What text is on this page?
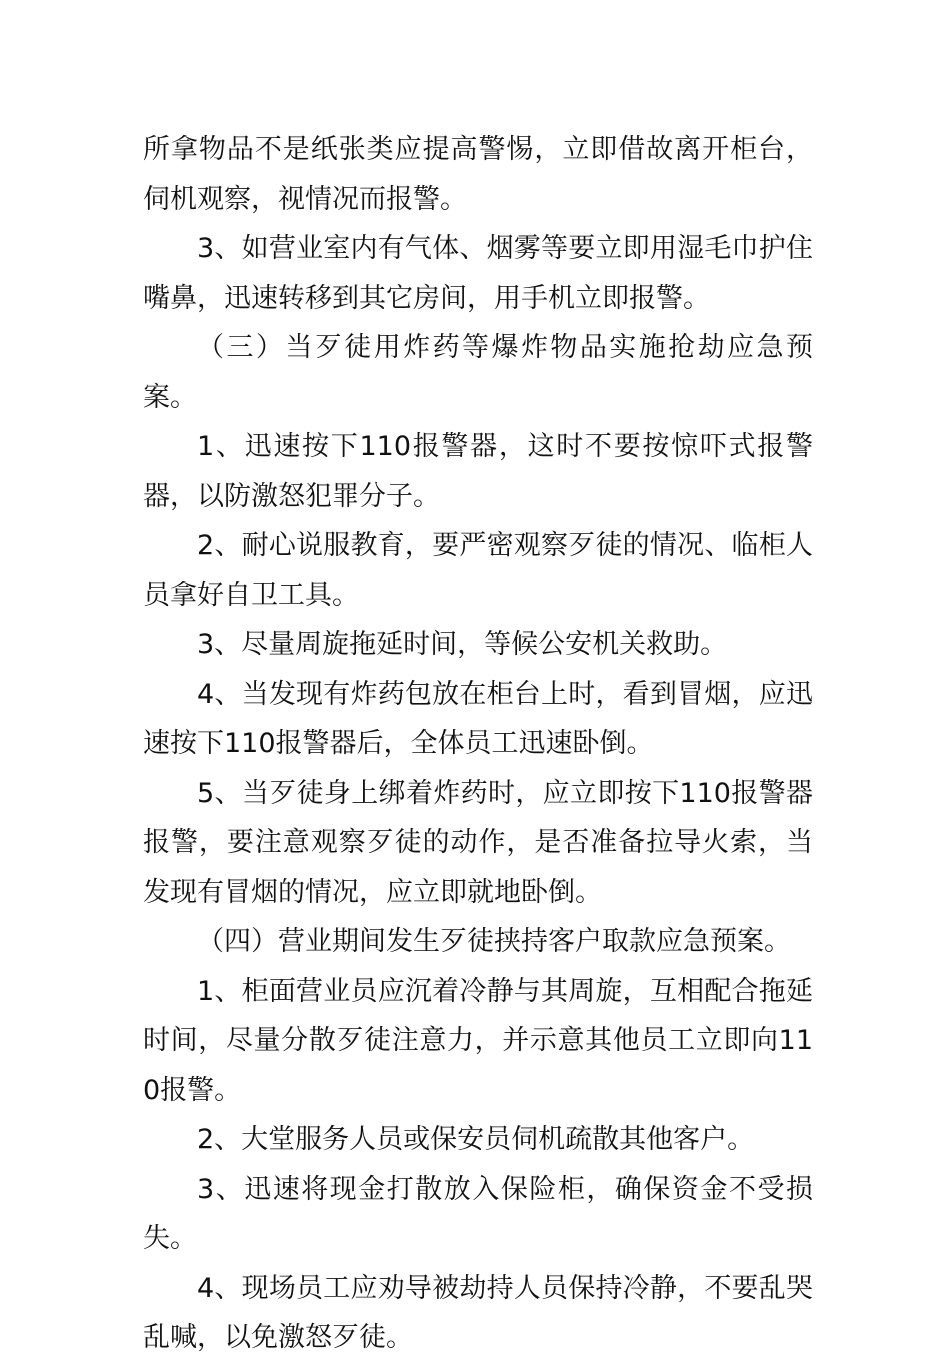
所拿物品不是纸张类应提高警惕，立即借故离开柜台，伺机观察，视情况而报警。

3、如营业室内有气体、烟雾等要立即用湿毛巾护住嘴鼻，迅速转移到其它房间，用手机立即报警。

（三）当歹徒用炸药等爆炸物品实施抢劫应急预案。

1、迅速按下110报警器，这时不要按惊吓式报警器，以防激怒犯罪分子。

2、耐心说服教育，要严密观察歹徒的情况、临柜人员拿好自卫工具。

3、尽量周旋拖延时间，等候公安机关救助。

4、当发现有炸药包放在柜台上时，看到冒烟，应迅速按下110报警器后，全体员工迅速卧倒。

5、当歹徒身上绑着炸药时，应立即按下110报警器报警，要注意观察歹徒的动作，是否准备拉导火索，当发现有冒烟的情况，应立即就地卧倒。

（四）营业期间发生歹徒挟持客户取款应急预案。

1、柜面营业员应沉着冷静与其周旋，互相配合拖延时间，尽量分散歹徒注意力，并示意其他员工立即向110报警。

2、大堂服务人员或保安员伺机疏散其他客户。

3、迅速将现金打散放入保险柜，确保资金不受损失。

4、现场员工应劝导被劫持人员保持冷静，不要乱哭乱喊，以免激怒歹徒。
